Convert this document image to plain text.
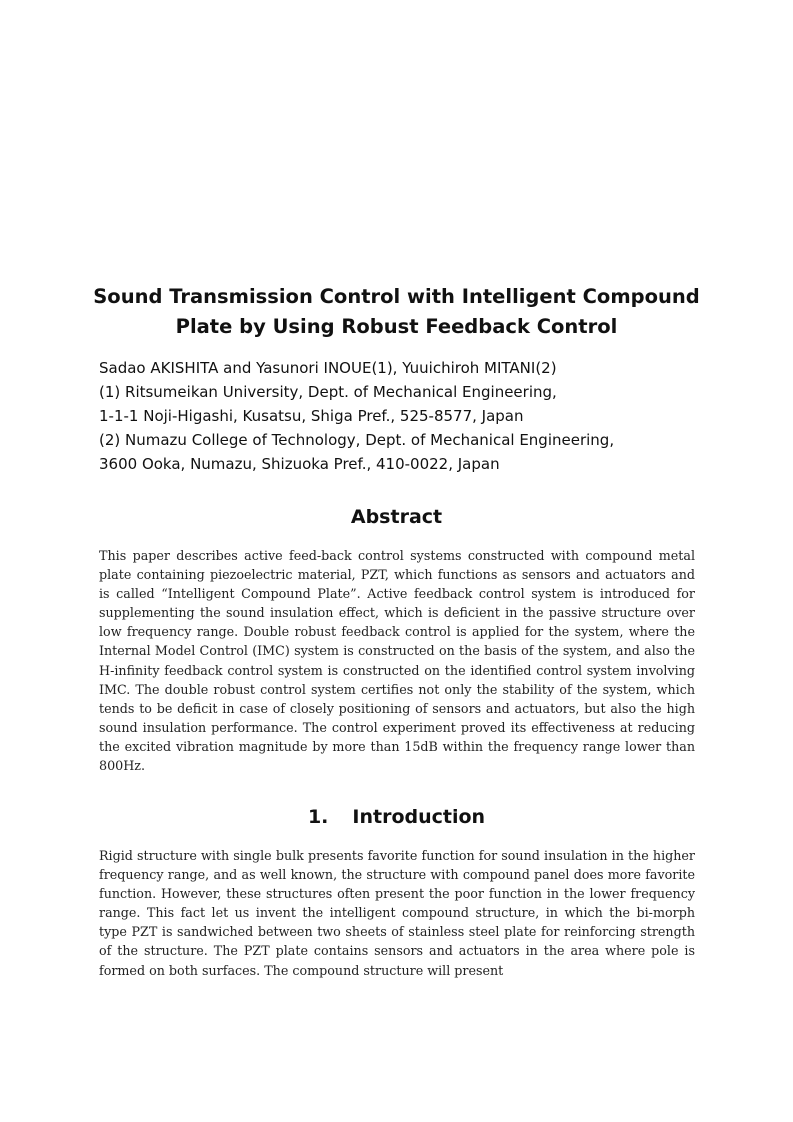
Sound Transmission Control with Intelligent Compound
Plate by Using Robust Feedback Control
Sadao AKISHITA and Yasunori INOUE(1), Yuuichiroh MITANI(2)
(1) Ritsumeikan University, Dept. of Mechanical Engineering,
1-1-1 Noji-Higashi, Kusatsu, Shiga Pref., 525-8577, Japan
(2) Numazu College of Technology, Dept. of Mechanical Engineering,
3600 Ooka, Numazu, Shizuoka Pref., 410-0022, Japan
Abstract

This paper describes active feed-back control systems constructed with compound metal plate containing piezoelectric material, PZT, which functions as sensors and actuators and is called “Intelligent Compound Plate”. Active feedback control system is introduced for supplementing the sound insulation effect, which is deficient in the passive structure over low frequency range. Double robust feedback control is applied for the system, where the Internal Model Control (IMC) system is constructed on the basis of the system, and also the H-infinity feedback control system is constructed on the identified control system involving IMC. The double robust control system certifies not only the stability of the system, which tends to be deficit in case of closely positioning of sensors and actuators, but also the high sound insulation performance. The control experiment proved its effectiveness at reducing the excited vibration magnitude by more than 15dB within the frequency range lower than 800Hz.

1. Introduction

Rigid structure with single bulk presents favorite function for sound insulation in the higher frequency range, and as well known, the structure with compound panel does more favorite function. However, these structures often present the poor function in the lower frequency range. This fact let us invent the intelligent compound structure, in which the bi-morph type PZT is sandwiched between two sheets of stainless steel plate for reinforcing strength of the structure. The PZT plate contains sensors and actuators in the area where pole is formed on both surfaces. The compound structure will present
